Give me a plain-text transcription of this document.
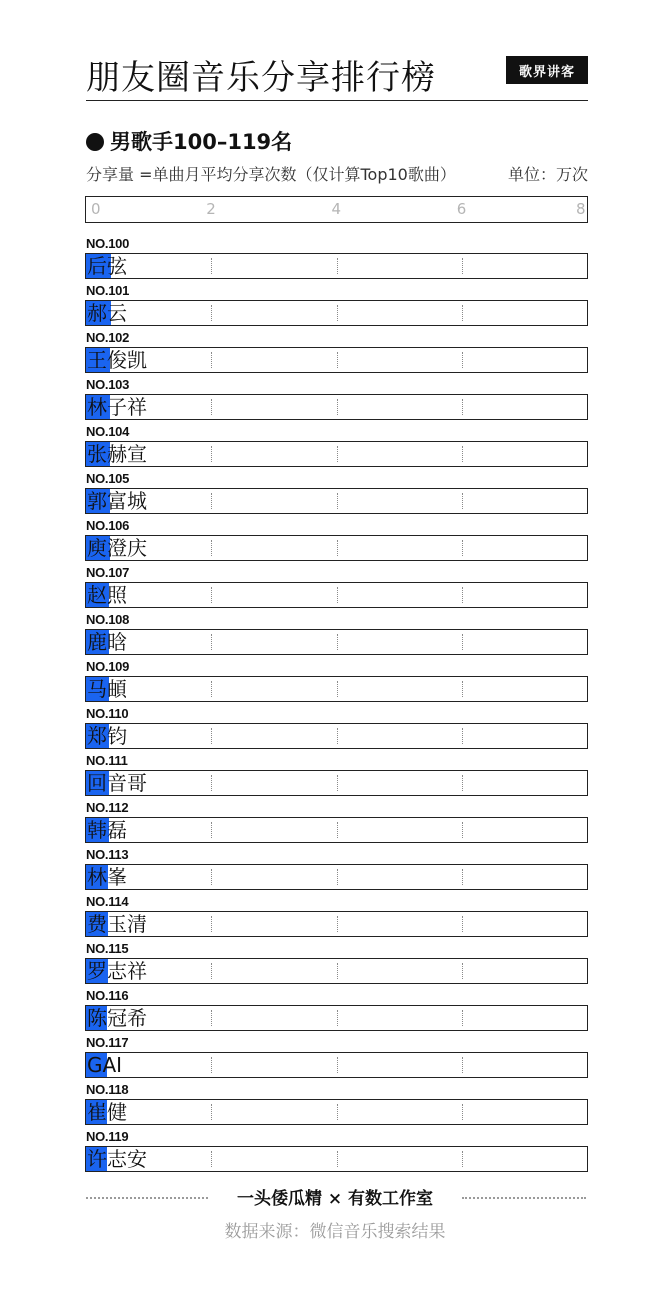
朋友圈音乐分享排行榜	歌界讲客
男歌手100–119名
分享量 =单曲月平均分享次数（仅计算Top10歌曲）	单位：万次
0	2	4	6	8
NO.100
后弦
NO.101
郝云
NO.102
王俊凯
NO.103
林子祥
NO.104
张赫宣
NO.105
郭富城
NO.106
庾澄庆
NO.107
赵照
NO.108
鹿晗
NO.109
马頔
NO.110
郑钧
NO.111
回音哥
NO.112
韩磊
NO.113
林峯
NO.114
费玉清
NO.115
罗志祥
NO.116
陈冠希
NO.117
GAI
NO.118
崔健
NO.119
许志安
一头倭瓜精 × 有数工作室
数据来源：微信音乐搜索结果
